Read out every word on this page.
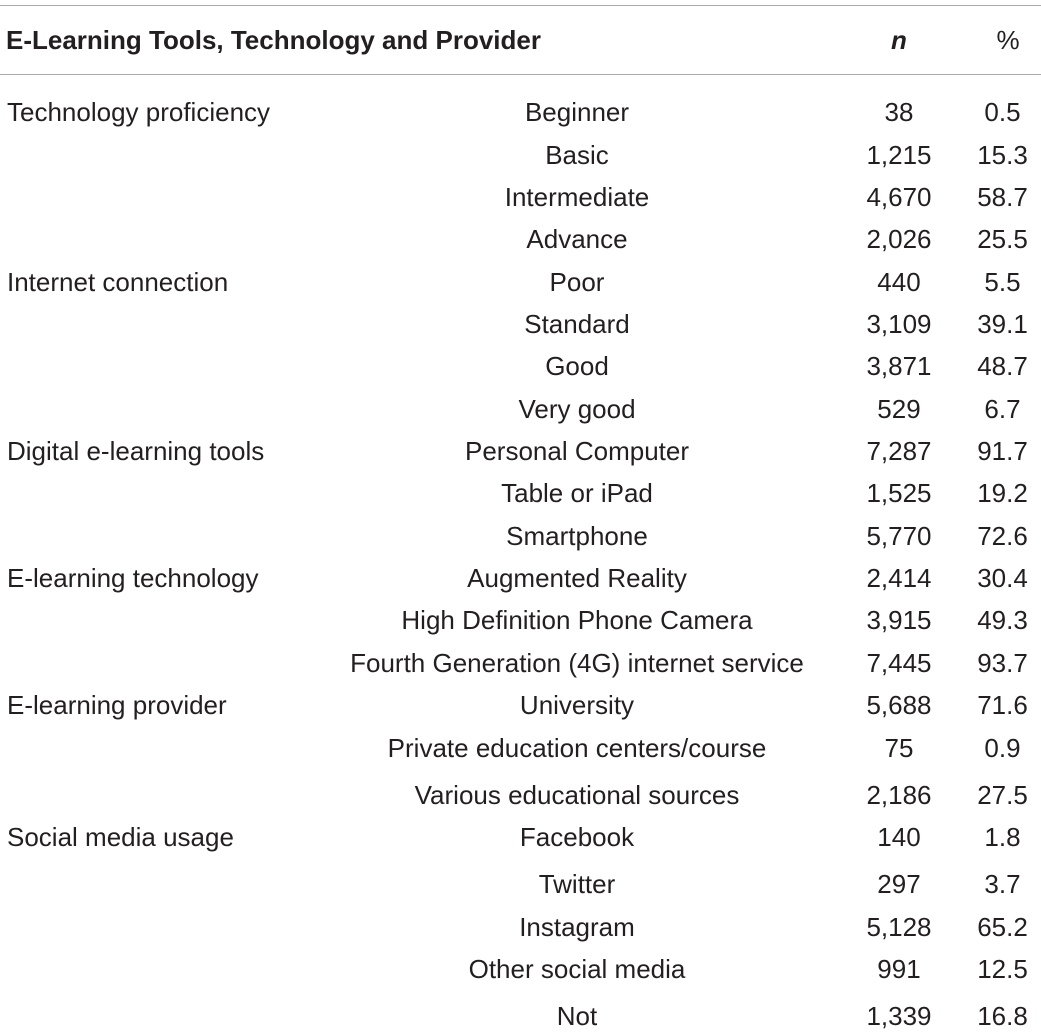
E-Learning Tools, Technology and Provider	n	%
Technology proficiency	Beginner	38	0.5
Basic	1,215	15.3
Intermediate	4,670	58.7
Advance	2,026	25.5
Internet connection	Poor	440	5.5
Standard	3,109	39.1
Good	3,871	48.7
Very good	529	6.7
Digital e-learning tools	Personal Computer	7,287	91.7
Table or iPad	1,525	19.2
Smartphone	5,770	72.6
E-learning technology	Augmented Reality	2,414	30.4
High Definition Phone Camera	3,915	49.3
Fourth Generation (4G) internet service	7,445	93.7
E-learning provider	University	5,688	71.6
Private education centers/course	75	0.9
Various educational sources	2,186	27.5
Social media usage	Facebook	140	1.8
Twitter	297	3.7
Instagram	5,128	65.2
Other social media	991	12.5
Not	1,339	16.8
